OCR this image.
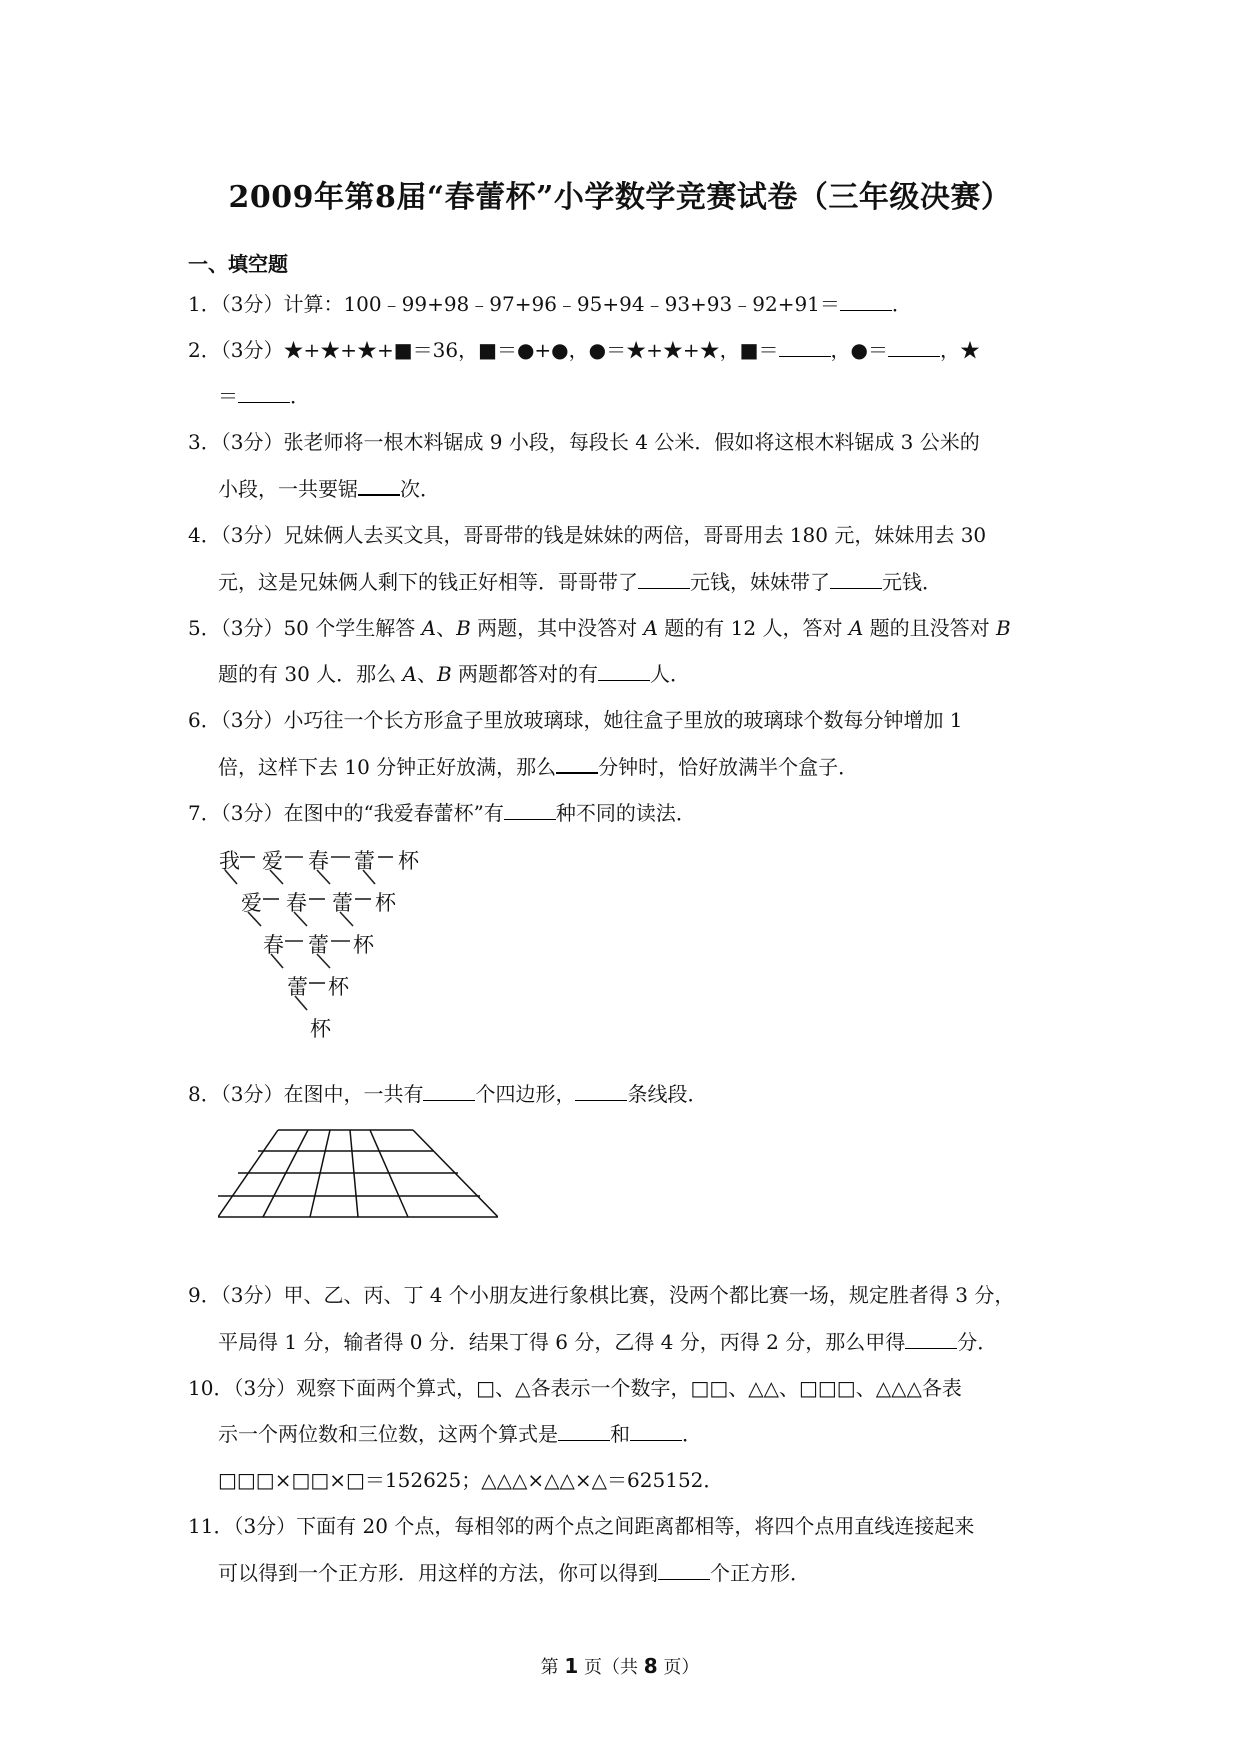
2009年第8届“春蕾杯”小学数学竞赛试卷（三年级决赛）
一、填空题
1．（3分）计算：100﹣99+98﹣97+96﹣95+94﹣93+93﹣92+91＝	．
2．（3分）★+★+★+■＝36，■＝●+●，●＝★+★+★，■＝	，●＝	，★
＝	．
3．（3分）张老师将一根木料锯成 9 小段，每段长 4 公米．假如将这根木料锯成 3 公米的
小段，一共要锯 次．
4．（3分）兄妹俩人去买文具，哥哥带的钱是妹妹的两倍，哥哥用去 180 元，妹妹用去 30
元，这是兄妹俩人剩下的钱正好相等．哥哥带了	元钱，妹妹带了	元钱．
5．（3分）50 个学生解答 A、B 两题，其中没答对 A 题的有 12 人，答对 A 题的且没答对 B
题的有 30 人．那么 A、B 两题都答对的有	人．
6．（3分）小巧往一个长方形盒子里放玻璃球，她往盒子里放的玻璃球个数每分钟增加 1
倍，这样下去 10 分钟正好放满，那么 分钟时，恰好放满半个盒子．
7．（3分）在图中的“我爱春蕾杯”有	种不同的读法．
我 爱 春 蕾 杯
爱 春 蕾 杯
春 蕾 杯
蕾 杯
杯
8．（3分）在图中，一共有	个四边形，	条线段．
9．（3分）甲、乙、丙、丁 4 个小朋友进行象棋比赛，没两个都比赛一场，规定胜者得 3 分，
平局得 1 分，输者得 0 分．结果丁得 6 分，乙得 4 分，丙得 2 分，那么甲得	分．
10．（3分）观察下面两个算式，□、△各表示一个数字，□□、△△、□□□、△△△各表
示一个两位数和三位数，这两个算式是	和	．
□□□×□□×□＝152625；△△△×△△×△＝625152．
11．（3分）下面有 20 个点，每相邻的两个点之间距离都相等，将四个点用直线连接起来
可以得到一个正方形．用这样的方法，你可以得到	个正方形．
第 1 页（共 8 页）
